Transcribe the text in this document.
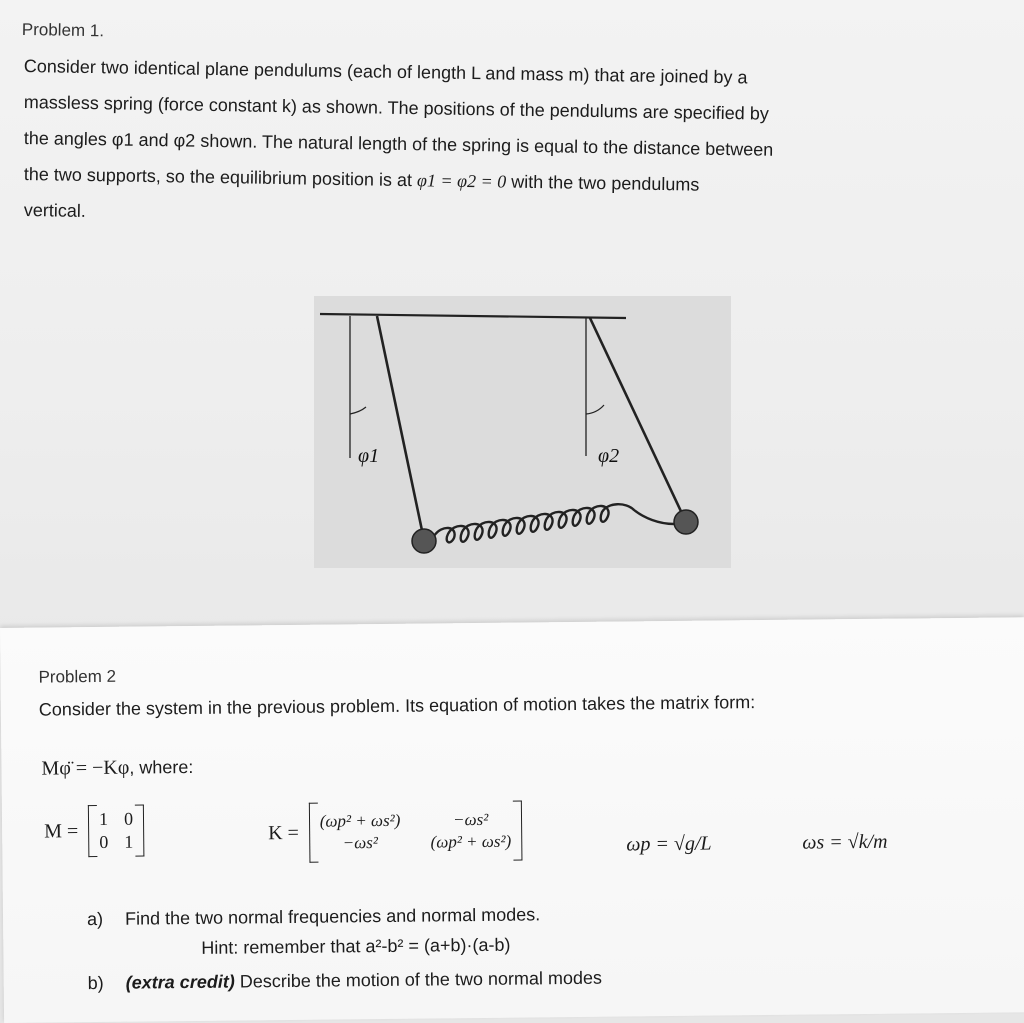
Problem 1.
Consider two identical plane pendulums (each of length L and mass m) that are joined by a
massless spring (force constant k) as shown. The positions of the pendulums are specified by
the angles φ1 and φ2 shown. The natural length of the spring is equal to the distance between
the two supports, so the equilibrium position is at φ1 = φ2 = 0 with the two pendulums
vertical.
φ1	φ2
Problem 2
Consider the system in the previous problem. Its equation of motion takes the matrix form:
Mφ̈ = −Kφ, where:
M =
1 0
0 1	K =
(ωp² + ωs²)	−ωs²
−ωs²	(ωp² + ωs²)	ωp = √g/L	ωs = √k/m
a) Find the two normal frequencies and normal modes.
Hint: remember that a²-b² = (a+b)·(a-b)
b) (extra credit) Describe the motion of the two normal modes
